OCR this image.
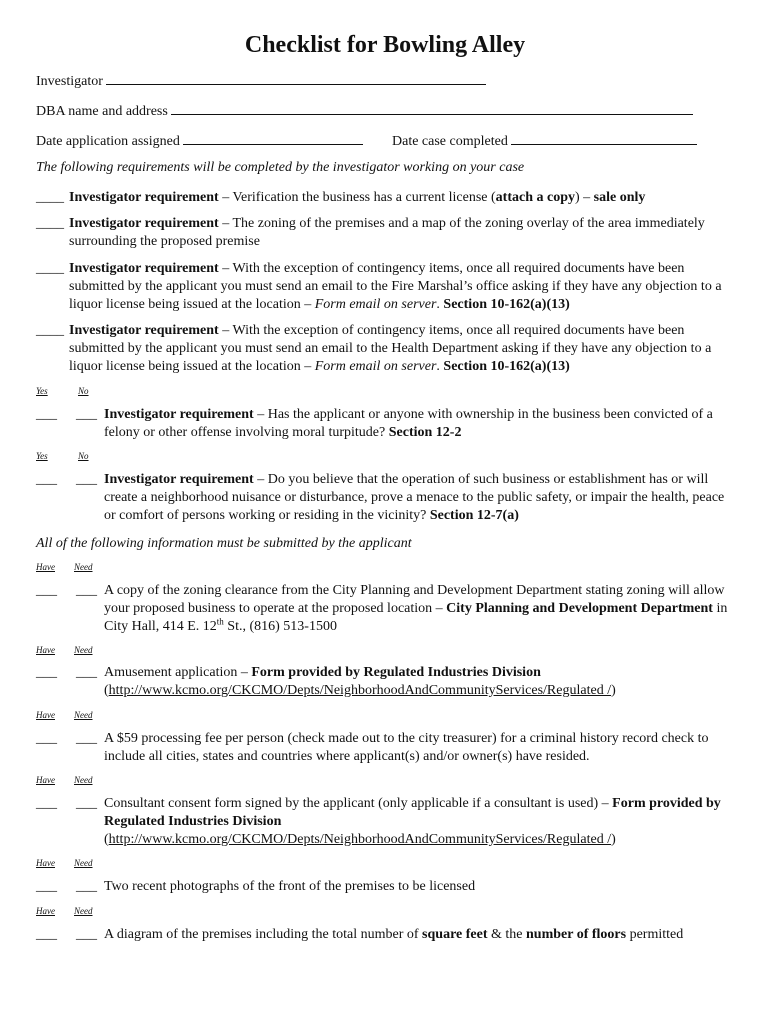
Checklist for Bowling Alley
Investigator
DBA name and address
Date application assigned	Date case completed
The following requirements will be completed by the investigator working on your case
____ Investigator requirement – Verification the business has a current license (attach a copy) – sale only
____ Investigator requirement – The zoning of the premises and a map of the zoning overlay of the area immediately surrounding the proposed premise
____ Investigator requirement – With the exception of contingency items, once all required documents have been submitted by the applicant you must send an email to the Fire Marshal’s office asking if they have any objection to a liquor license being issued at the location – Form email on server. Section 10-162(a)(13)
____ Investigator requirement – With the exception of contingency items, once all required documents have been submitted by the applicant you must send an email to the Health Department asking if they have any objection to a liquor license being issued at the location – Form email on server. Section 10-162(a)(13)
Yes	No
___ ___ Investigator requirement – Has the applicant or anyone with ownership in the business been convicted of a felony or other offense involving moral turpitude? Section 12-2
Yes	No
___ ___ Investigator requirement – Do you believe that the operation of such business or establishment has or will create a neighborhood nuisance or disturbance, prove a menace to the public safety, or impair the health, peace or comfort of persons working or residing in the vicinity? Section 12-7(a)
All of the following information must be submitted by the applicant
Have Need
___ ___ A copy of the zoning clearance from the City Planning and Development Department stating zoning will allow your proposed business to operate at the proposed location – City Planning and Development Department in City Hall, 414 E. 12th St., (816) 513-1500
Have Need
___ ___ Amusement application – Form provided by Regulated Industries Division
(http://www.kcmo.org/CKCMO/Depts/NeighborhoodAndCommunityServices/Regulated /)
Have Need
___ ___ A $59 processing fee per person (check made out to the city treasurer) for a criminal history record check to include all cities, states and countries where applicant(s) and/or owner(s) have resided.
Have Need
___ ___ Consultant consent form signed by the applicant (only applicable if a consultant is used) – Form provided by Regulated Industries Division
(http://www.kcmo.org/CKCMO/Depts/NeighborhoodAndCommunityServices/Regulated /)
Have Need
___ ___ Two recent photographs of the front of the premises to be licensed
Have Need
___ ___ A diagram of the premises including the total number of square feet & the number of floors permitted
